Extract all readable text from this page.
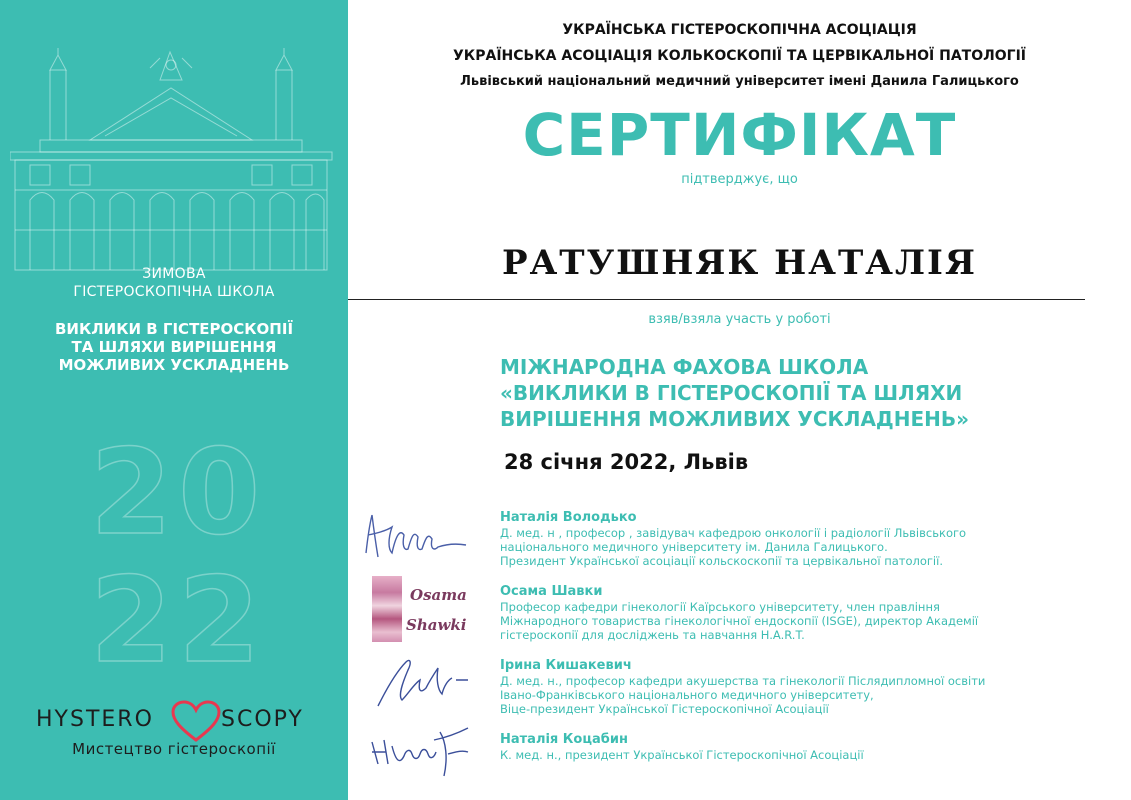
ЗИМОВА
ГІСТЕРОСКОПІЧНА ШКОЛА
ВИКЛИКИ В ГІСТЕРОСКОПІЇ
ТА ШЛЯХИ ВИРІШЕННЯ
МОЖЛИВИХ УСКЛАДНЕНЬ
20
22
HYSTERO	SCOPY
Мистецтво гістероскопії
УКРАЇНСЬКА ГІСТЕРОСКОПІЧНА АСОЦІАЦІЯ
УКРАЇНСЬКА АСОЦІАЦІЯ КОЛЬКОСКОПІЇ ТА ЦЕРВІКАЛЬНОЇ ПАТОЛОГІЇ
Львівський національний медичний університет імені Данила Галицького
СЕРТИФІКАТ
підтверджує, що
РАТУШНЯК НАТАЛІЯ
взяв/взяла участь у роботі
МІЖНАРОДНА ФАХОВА ШКОЛА
«ВИКЛИКИ В ГІСТЕРОСКОПІЇ ТА ШЛЯХИ
ВИРІШЕННЯ МОЖЛИВИХ УСКЛАДНЕНЬ»
28 січня 2022, Львів
Osama
Shawki
Наталія Володько
Д. мед. н , професор , завідувач кафедрою онкології і радіології Львівського
національного медичного університету ім. Данила Галицького.
Президент Української асоціації кольскоскопії та цервікальної патології.
Осама Шавки
Професор кафедри гінекології Каїрського університету, член правління
Міжнародного товариства гінекологічної ендоскопії (ISGE), директор Академії
гістероскопії для досліджень та навчання H.A.R.T.
Ірина Кишакевич
Д. мед. н., професор кафедри акушерства та гінекології Післядипломної освіти
Івано-Франківського національного медичного університету,
Віце-президент Української Гістероскопічної Асоціації
Наталія Коцабин
К. мед. н., президент Української Гістероскопічної Асоціації
